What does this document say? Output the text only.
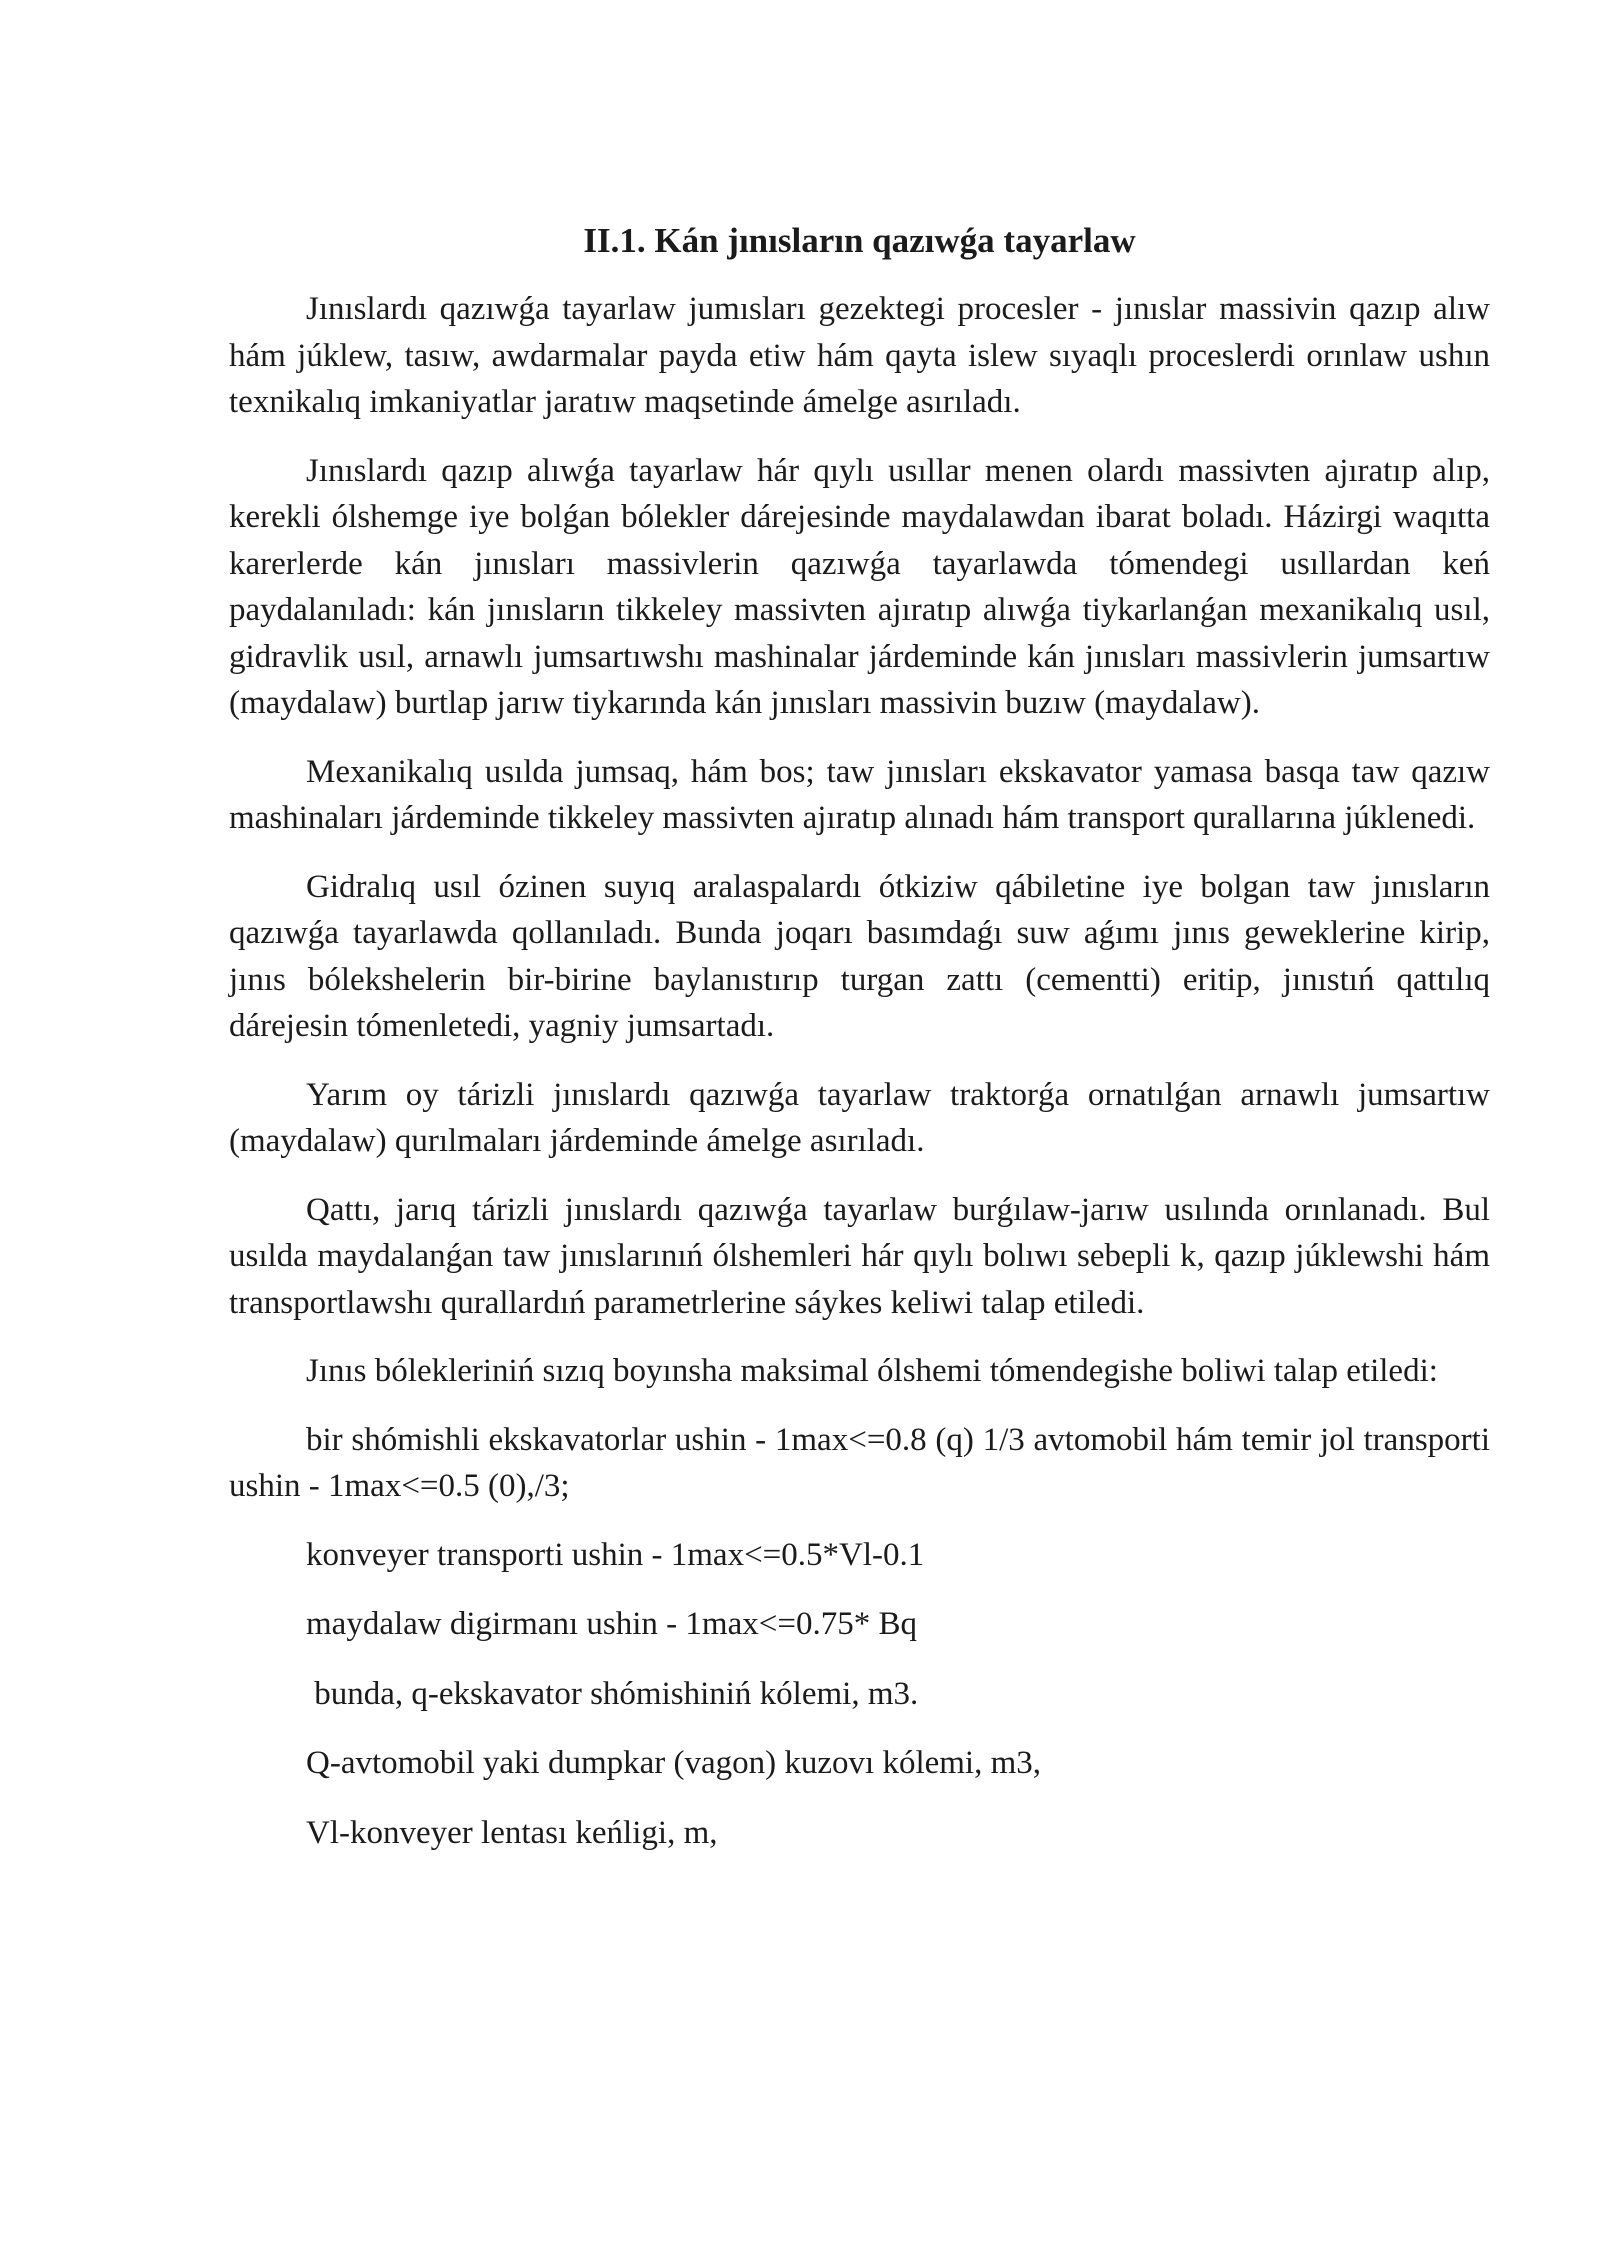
II.1. Kán jınısların qazıwǵa tayarlaw

Jınıslardı qazıwǵa tayarlaw jumısları gezektegi procesler - jınıslar massivin qazıp alıw hám júklew, tasıw, awdarmalar payda etiw hám qayta islew sıyaqlı proceslerdi orınlaw ushın texnikalıq imkaniyatlar jaratıw maqsetinde ámelge asırıladı.

Jınıslardı qazıp alıwǵa tayarlaw hár qıylı usıllar menen olardı massivten ajıratıp alıp, kerekli ólshemge iye bolǵan bólekler dárejesinde maydalawdan ibarat boladı. Házirgi waqıtta karerlerde kán jınısları massivlerin qazıwǵa tayarlawda tómendegi usıllardan keń paydalanıladı: kán jınısların tikkeley massivten ajıratıp alıwǵa tiykarlanǵan mexanikalıq usıl, gidravlik usıl, arnawlı jumsartıwshı mashinalar járdeminde kán jınısları massivlerin jumsartıw (maydalaw) burtlap jarıw tiykarında kán jınısları massivin buzıw (maydalaw).

Mexanikalıq usılda jumsaq, hám bos; taw jınısları ekskavator yamasa basqa taw qazıw mashinaları járdeminde tikkeley massivten ajıratıp alınadı hám transport qurallarına júklenedi.

Gidralıq usıl ózinen suyıq aralaspalardı ótkiziw qábiletine iye bolgan taw jınısların qazıwǵa tayarlawda qollanıladı. Bunda joqarı basımdaǵı suw aǵımı jınıs geweklerine kirip, jınıs bólekshelerin bir-birine baylanıstırıp turgan zattı (cementti) eritip, jınıstıń qattılıq dárejesin tómenletedi, yagniy jumsartadı.

Yarım oy tárizli jınıslardı qazıwǵa tayarlaw traktorǵa ornatılǵan arnawlı jumsartıw (maydalaw) qurılmaları járdeminde ámelge asırıladı.

Qattı, jarıq tárizli jınıslardı qazıwǵa tayarlaw burǵılaw-jarıw usılında orınlanadı. Bul usılda maydalanǵan taw jınıslarınıń ólshemleri hár qıylı bolıwı sebepli k, qazıp júklewshi hám transportlawshı qurallardıń parametrlerine sáykes keliwi talap etiledi.

Jınıs bólekleriniń sızıq boyınsha maksimal ólshemi tómendegishe boliwi talap etiledi:

bir shómishli ekskavatorlar ushin - 1max<=0.8 (q) 1/3 avtomobil hám temir jol transporti ushin - 1max<=0.5 (0),/3;

konveyer transporti ushin - 1max<=0.5*Vl-0.1
maydalaw digirmanı ushin - 1max<=0.75* Bq
bunda, q-ekskavator shómishiniń kólemi, m3.
Q-avtomobil yaki dumpkar (vagon) kuzovı kólemi, m3,
Vl-konveyer lentası keńligi, m,
